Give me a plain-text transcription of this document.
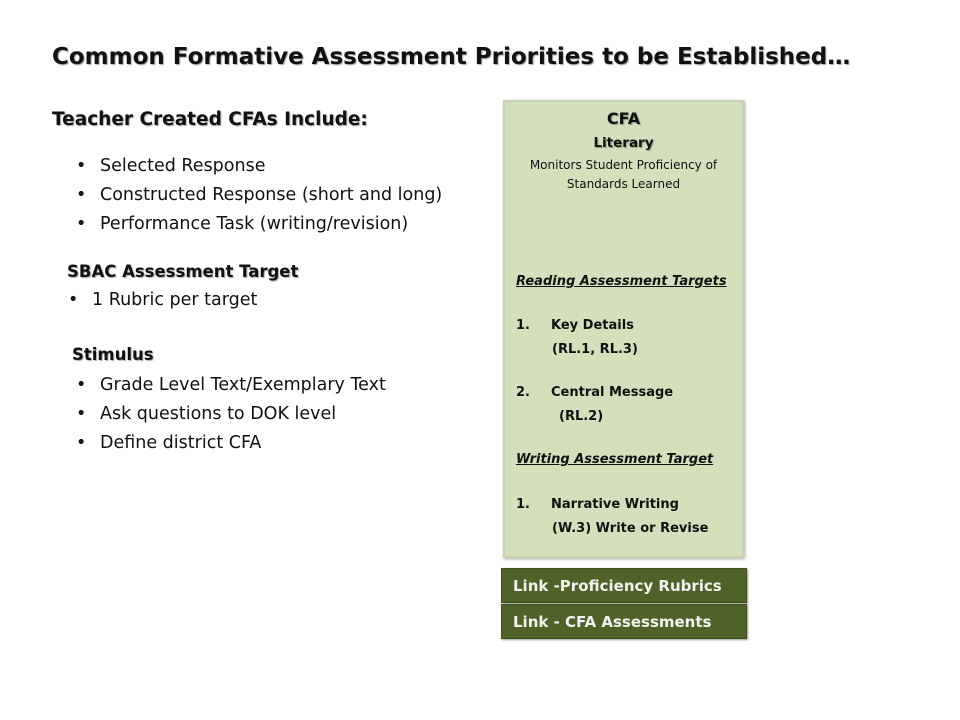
Common Formative Assessment Priorities to be Established…
Teacher Created CFAs Include:
• Selected Response
• Constructed Response (short and long)
• Performance Task (writing/revision)
SBAC Assessment Target
• 1 Rubric per target
Stimulus
• Grade Level Text/Exemplary Text
• Ask questions to DOK level
• Define district CFA
CFA
Literary
Monitors Student Proficiency of
Standards Learned
Reading Assessment Targets
1. Key Details
(RL.1, RL.3)
2. Central Message
(RL.2)
Writing Assessment Target
1. Narrative Writing
(W.3) Write or Revise
Link -Proficiency Rubrics
Link - CFA Assessments
